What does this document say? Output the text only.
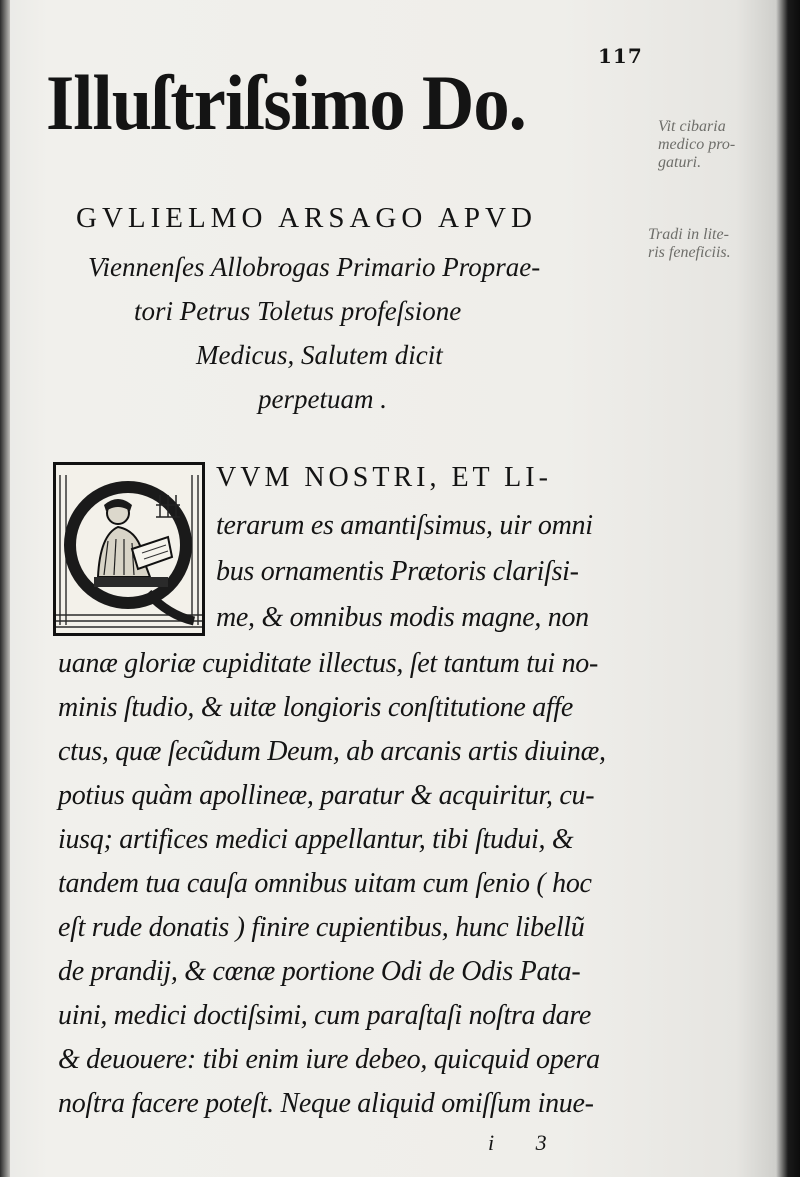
117
Illuſtriſsimo Do.	Vit cibaria
medico pro-
gaturi.
Tradi in lite-
ris feneficiis.
GVLIELMO ARSAGO APVD
Viennenſes Allobrogas Primario Proprae-
tori Petrus Toletus profeſsione
Medicus, Salutem dicit
perpetuam .
VVM NOSTRI, ET LI-
terarum es amantiſsimus, uir omni
bus ornamentis Prætoris clariſsi-
me, & omnibus modis magne, non
uanæ gloriæ cupiditate illectus, ſet tantum tui no-
minis ſtudio, & uitæ longioris conſtitutione affe
ctus, quæ ſecũdum Deum, ab arcanis artis diuinæ,
potius quàm apollineæ, paratur & acquiritur, cu-
iusq; artifices medici appellantur, tibi ſtudui, &
tandem tua cauſa omnibus uitam cum ſenio ( hoc
eſt rude donatis ) finire cupientibus, hunc libellũ
de prandij, & cœnæ portione Odi de Odis Pata-
uini, medici doctiſsimi, cum paraſtaſi noſtra dare
& deuouere: tibi enim iure debeo, quicquid opera
noſtra facere poteſt. Neque aliquid omiſſum inue-
i 3
